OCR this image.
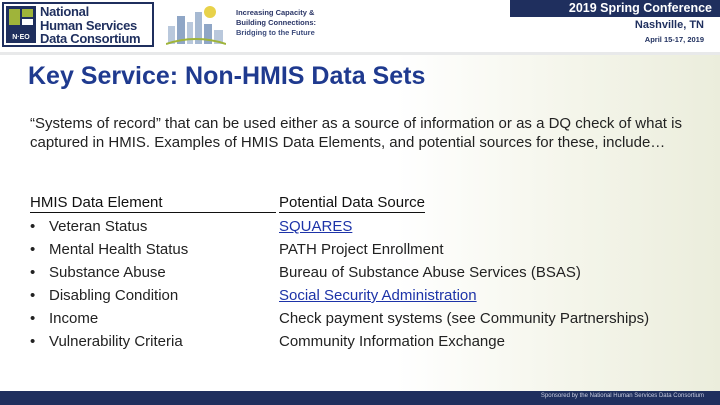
N·EO
National
Human Services
Data Consortium
Increasing Capacity &
Building Connections:
Bridging to the Future
2019 Spring Conference
Nashville, TN
April 15-17, 2019
Key Service: Non-HMIS Data Sets

“Systems of record” that can be used either as a source of information or as a DQ check of what is captured in HMIS. Examples of HMIS Data Elements, and potential sources for these, include…

HMIS Data Element	Potential Data Source
• Veteran Status
• Mental Health Status
• Substance Abuse
• Disabling Condition
• Income
• Vulnerability Criteria
SQUARES
PATH Project Enrollment
Bureau of Substance Abuse Services (BSAS)
Social Security Administration
Check payment systems (see Community Partnerships)
Community Information Exchange
Sponsored by the National Human Services Data Consortium
